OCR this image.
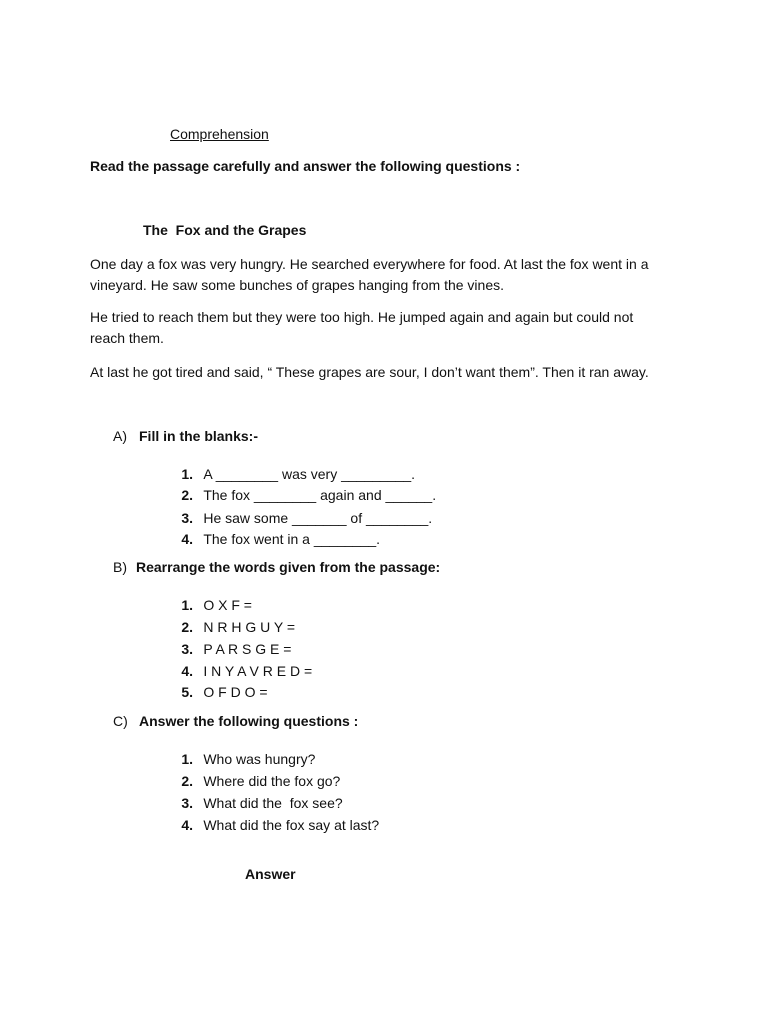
Comprehension
Read the passage carefully and answer the following questions :
The  Fox and the Grapes
One day a fox was very hungry. He searched everywhere for food. At last the fox went in a
vineyard. He saw some bunches of grapes hanging from the vines.
He tried to reach them but they were too high. He jumped again and again but could not
reach them.
At last he got tired and said, “ These grapes are sour, I don’t want them”. Then it ran away.
A) Fill in the blanks:-

1. A ________ was very _________.

2. The fox ________ again and ______.

3. He saw some _______ of ________.

4. The fox went in a ________.

B) Rearrange the words given from the passage:

1. O X F =

2. N R H G U Y =

3. P A R S G E =

4. I N Y A V R E D =

5. O F D O =

C) Answer the following questions :

1. Who was hungry?

2. Where did the fox go?

3. What did the  fox see?

4. What did the fox say at last?

Answer
